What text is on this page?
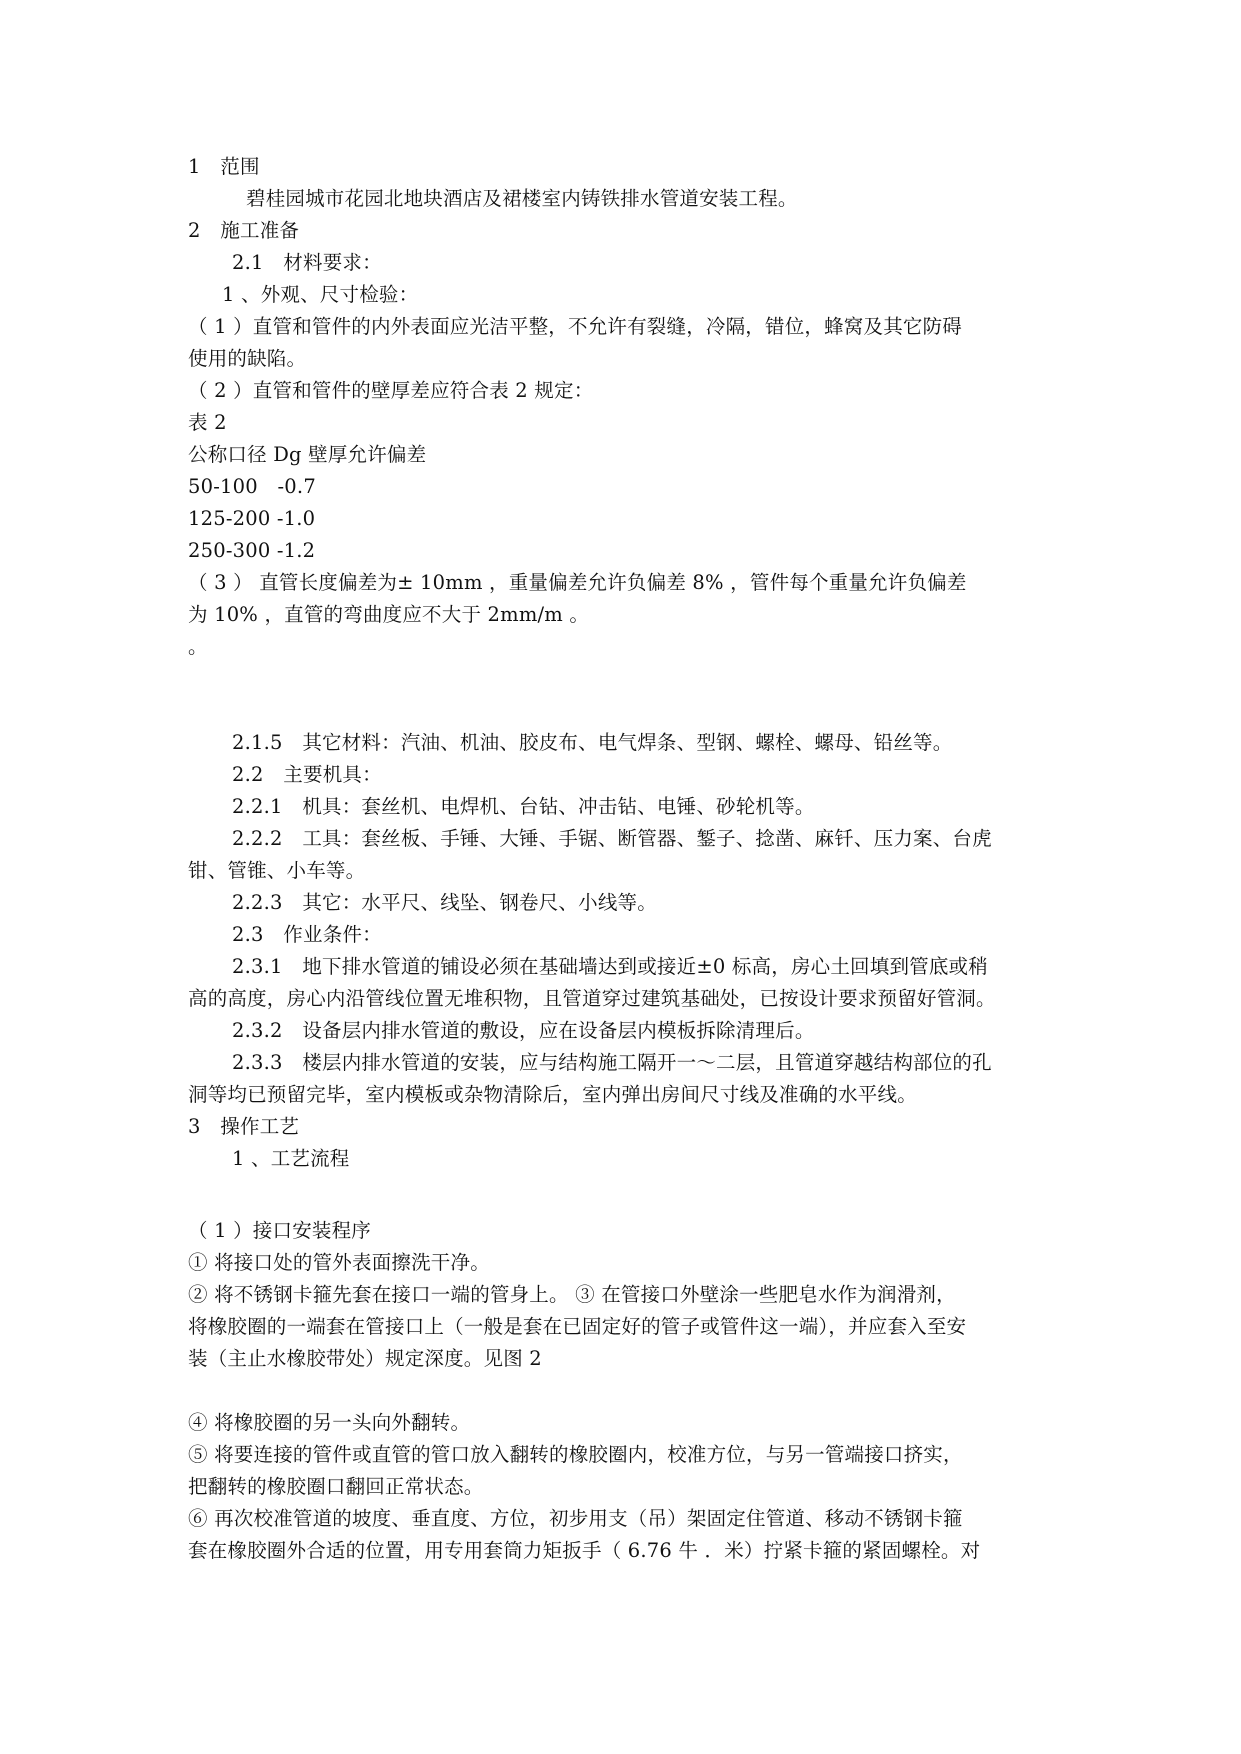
1　范围
碧桂园城市花园北地块酒店及裙楼室内铸铁排水管道安装工程。
2　施工准备
2.1　材料要求：
1 、外观、尺寸检验：
（ 1 ）直管和管件的内外表面应光洁平整，不允许有裂缝，冷隔，错位，蜂窝及其它防碍
使用的缺陷。
（ 2 ）直管和管件的壁厚差应符合表 2 规定：
表 2
公称口径 Dg 壁厚允许偏差
50-100　-0.7
125-200 -1.0
250-300 -1.2
（ 3 ） 直管长度偏差为± 10mm ，重量偏差允许负偏差 8% ，管件每个重量允许负偏差
为 10% ，直管的弯曲度应不大于 2mm/m 。
。
2.1.5　其它材料：汽油、机油、胶皮布、电气焊条、型钢、螺栓、螺母、铅丝等。
2.2　主要机具：
2.2.1　机具：套丝机、电焊机、台钻、冲击钻、电锤、砂轮机等。
2.2.2　工具：套丝板、手锤、大锤、手锯、断管器、錾子、捻凿、麻钎、压力案、台虎
钳、管锥、小车等。
2.2.3　其它：水平尺、线坠、钢卷尺、小线等。
2.3　作业条件：
2.3.1　地下排水管道的铺设必须在基础墙达到或接近±0 标高，房心土回填到管底或稍
高的高度，房心内沿管线位置无堆积物，且管道穿过建筑基础处，已按设计要求预留好管洞。
2.3.2　设备层内排水管道的敷设，应在设备层内模板拆除清理后。
2.3.3　楼层内排水管道的安装，应与结构施工隔开一～二层，且管道穿越结构部位的孔
洞等均已预留完毕，室内模板或杂物清除后，室内弹出房间尺寸线及准确的水平线。
3　操作工艺
1 、工艺流程
（ 1 ）接口安装程序
① 将接口处的管外表面擦洗干净。
② 将不锈钢卡箍先套在接口一端的管身上。 ③ 在管接口外壁涂一些肥皂水作为润滑剂，
将橡胶圈的一端套在管接口上（一般是套在已固定好的管子或管件这一端），并应套入至安
装（主止水橡胶带处）规定深度。见图 2
④ 将橡胶圈的另一头向外翻转。
⑤ 将要连接的管件或直管的管口放入翻转的橡胶圈内，校准方位，与另一管端接口挤实，
把翻转的橡胶圈口翻回正常状态。
⑥ 再次校准管道的坡度、垂直度、方位，初步用支（吊）架固定住管道、移动不锈钢卡箍
套在橡胶圈外合适的位置，用专用套筒力矩扳手（ 6.76 牛 ．米）拧紧卡箍的紧固螺栓。对
